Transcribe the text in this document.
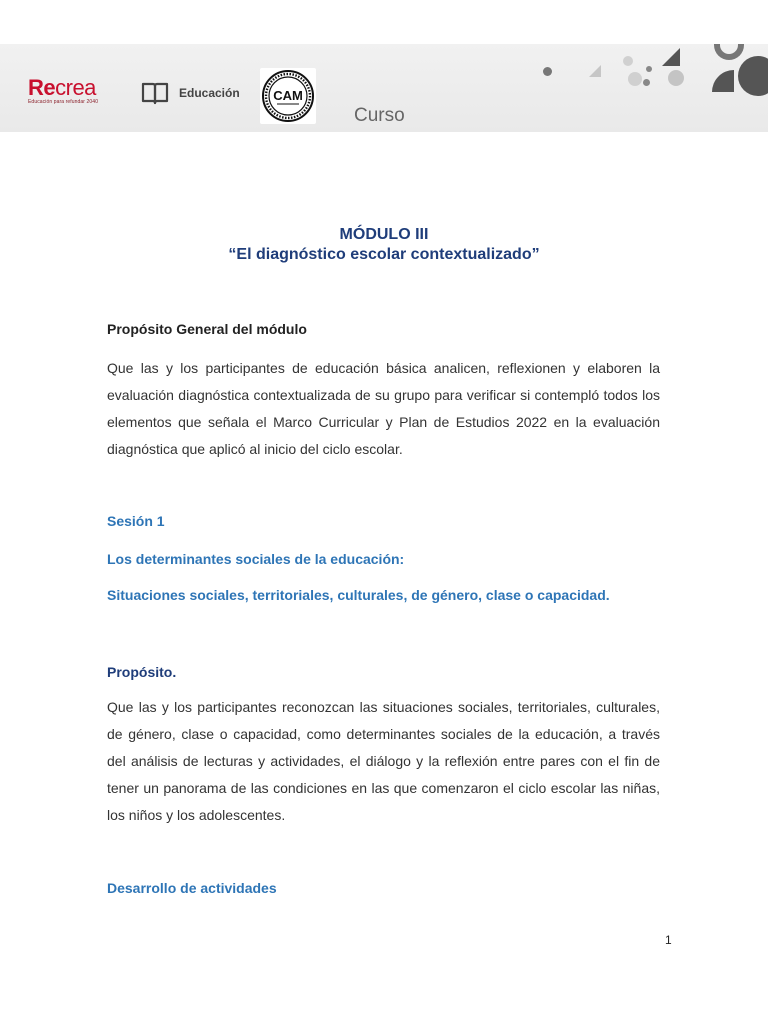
Recrea
Educación para refundar 2040
Educación	CAM
Curso
MÓDULO III
“El diagnóstico escolar contextualizado”
Propósito General del módulo
Que las y los participantes de educación básica analicen, reflexionen y elaboren la evaluación diagnóstica contextualizada de su grupo para verificar si contempló todos los elementos que señala el Marco Curricular y Plan de Estudios 2022 en la evaluación diagnóstica que aplicó al inicio del ciclo escolar.
Sesión 1
Los determinantes sociales de la educación:
Situaciones sociales, territoriales, culturales, de género, clase o capacidad.
Propósito.
Que las y los participantes reconozcan las situaciones sociales, territoriales, culturales, de género, clase o capacidad, como determinantes sociales de la educación, a través del análisis de lecturas y actividades, el diálogo y la reflexión entre pares con el fin de tener un panorama de las condiciones en las que comenzaron el ciclo escolar las niñas, los niños y los adolescentes.
Desarrollo de actividades
1
